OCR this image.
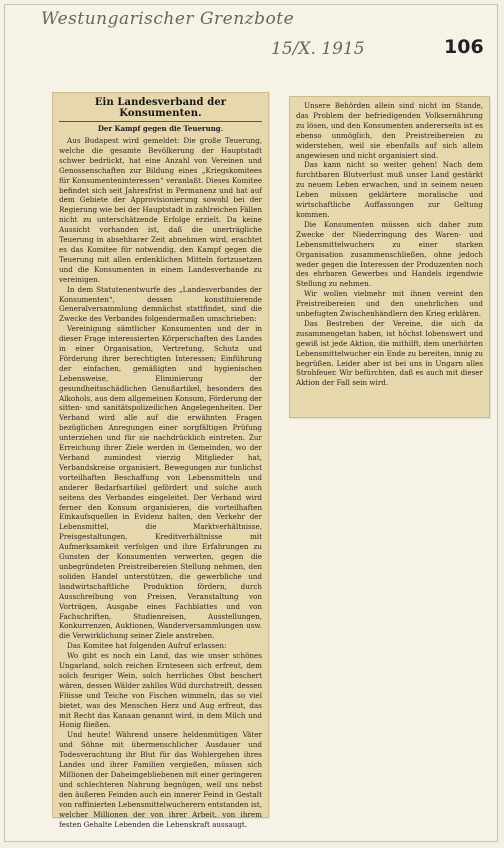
Westungarischer Grenzbote
15/X. 1915	106
Ein Landesverband der Konsumenten.
Der Kampf gegen die Teuerung.

Aus Budapest wird gemeldet: Die große Teuerung, welche die gesamte Bevölkerung der Hauptstadt schwer bedrückt, hat eine Anzahl von Vereinen und Genossenschaften zur Bildung eines „Kriegskomitees für Konsumenteninteressen“ veranlaßt. Dieses Komitee befindet sich seit Jahresfrist in Permanenz und hat auf dem Gebiete der Approvisionierung sowohl bei der Regierung wie bei der Hauptstadt in zahlreichen Fällen nicht zu unterschätzende Erfolge erzielt. Da keine Aussicht vorhanden ist, daß die unerträgliche Teuerung in absehbarer Zeit abnehmen wird, erachtet es das Komitee für notwendig, den Kampf gegen die Teuerung mit allen erdenklichen Mitteln fortzusetzen und die Konsumenten in einem Landesverbande zu vereinigen.

In dem Statutenentwurfe des „Landesverbandes der Konsumenten“, dessen konstituierende Generalversammlung demnächst stattfindet, sind die Zwecke des Verbandes folgendermaßen umschrieben:

Vereinigung sämtlicher Konsumenten und der in dieser Frage interessierten Körperschaften des Landes in einer Organisation, Vertretung, Schutz und Förderung ihrer berechtigten Interessen; Einführung der einfachen, gemäßigten und hygienischen Lebensweise, Eliminierung der gesundheitsschädlichen Genußartikel, besonders des Alkohols, aus dem allgemeinen Konsum, Förderung der sitten- und sanitätspolizeilichen Angelegenheiten. Der Verband wird alle auf die erwähnten Fragen bezüglichen Anregungen einer sorgfältigen Prüfung unterziehen und für sie nachdrücklich eintreten. Zur Erreichung ihrer Ziele werden in Gemeinden, wo der Verband zumindest vierzig Mitglieder hat, Verbandskreise organisiert. Bewegungen zur tunlichst vorteilhaften Beschaffung von Lebensmitteln und anderer Bedarfsartikel gefördert und solche auch seitens des Verbandes eingeleitet. Der Verband wird ferner den Konsum organisieren, die vorteilhaften Einkaufsquellen in Evidenz halten, den Verkehr der Lebensmittel, die Marktverhältnisse, Preisgestaltungen, Kreditverhältnisse mit Aufmerksamkeit verfolgen und ihre Erfahrungen zu Gunsten der Konsumenten verwerten, gegen die unbegründeten Preistreibereien Stellung nehmen, den soliden Handel unterstützen, die gewerbliche und landwirtschaftliche Produktion fördern, durch Ausschreibung von Preisen, Veranstaltung von Vorträgen, Ausgabe eines Fachblattes und von Fachschriften, Studienreisen, Ausstellungen, Konkurrenzen, Auktionen, Wanderversammlungen usw. die Verwirklichung seiner Ziele anstreben.

Das Komitee hat folgenden Aufruf erlassen:

Wo gibt es noch ein Land, das wie unser schönes Ungarland, solch reichen Ernteseen sich erfreut, dem solch feuriger Wein, solch herrliches Obst beschert wären, dessen Wälder zahllos Wild durchstreift, dessen Flüsse und Teiche von Fischen wimmeln, das so viel bietet, was des Menschen Herz und Aug erfreut, das mit Recht das Kanaan genannt wird, in dem Milch und Honig fließen.

Und heute! Während unsere heldenmütigen Väter und Söhne mit übermenschlicher Ausdauer und Todesverachtung ihr Blut für das Wohlergehen ihres Landes und ihrer Familien vergießen, müssen sich Millionen der Daheimgebliebenen mit einer geringeren und schlechteren Nahrung begnügen, weil uns nebst den äußeren Feinden auch ein innerer Feind in Gestalt von raffinierten Lebensmittelwucherern entstanden ist, welcher Millionen der von ihrer Arbeit, von ihrem festen Gehalte Lebenden die Lebenskraft aussaugt.

Unsere Behörden allein sind nicht im Stande, das Problem der befriedigenden Volksernährung zu lösen, und den Konsumenten andererseits ist es ebenso unmöglich, den Preistreibereien zu widerstehen, weil sie ebenfalls auf sich allein angewiesen und nicht organisiert sind.

Das kann nicht so weiter gehen! Nach dem furchtbaren Blutverlust muß unser Land gestärkt zu neuem Leben erwachen, und in seinem neuen Leben müssen geklärtere moralische und wirtschaftliche Auffassungen zur Geltung kommen.

Die Konsumenten müssen sich daher zum Zwecke der Niederringung des Waren- und Lebensmittelwuchers zu einer starken Organisation zusammenschließen, ohne jedoch weder gegen die Interessen der Produzenten noch des ehrbaren Gewerbes und Handels irgendwie Stellung zu nehmen.

Wir wollen vielmehr mit ihnen vereint den Preistreibereien und den unehrlichen und unbefugten Zwischenhändlern den Krieg erklären.

Das Bestreben der Vereine, die sich da zusammengetan haben, ist höchst lobenswert und gewiß ist jede Aktion, die mithilft, dem unerhörten Lebensmittelwucher ein Ende zu bereiten, innig zu begrüßen. Leider aber ist bei uns in Ungarn alles Strohfeuer. Wir befürchten, daß es auch mit dieser Aktion der Fall sein wird.
